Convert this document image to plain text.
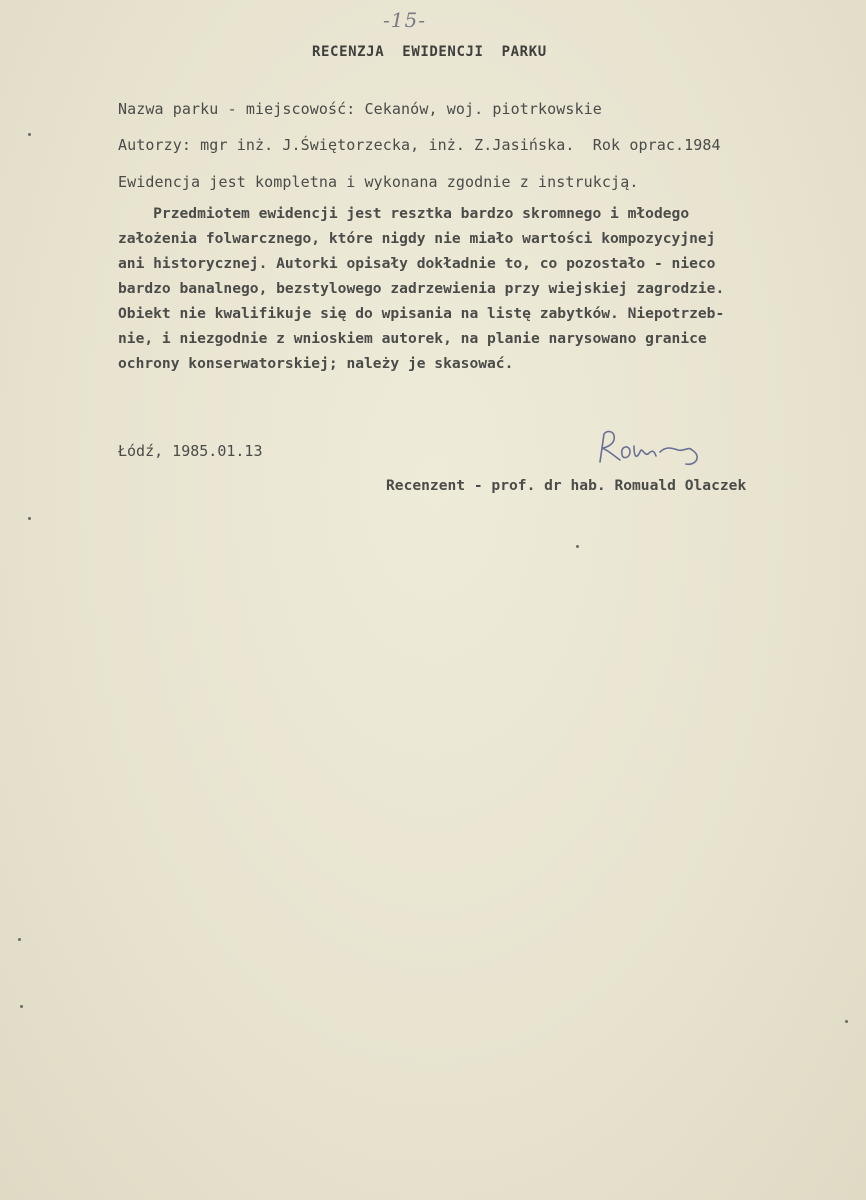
-15-
RECENZJA  EWIDENCJI  PARKU
Nazwa parku - miejscowość: Cekanów, woj. piotrkowskie
Autorzy: mgr inż. J.Świętorzecka, inż. Z.Jasińska.  Rok oprac.1984
Ewidencja jest kompletna i wykonana zgodnie z instrukcją.
Przedmiotem ewidencji jest resztka bardzo skromnego i młodego
założenia folwarcznego, które nigdy nie miało wartości kompozycyjnej
ani historycznej. Autorki opisały dokładnie to, co pozostało - nieco
bardzo banalnego, bezstylowego zadrzewienia przy wiejskiej zagrodzie.
Obiekt nie kwalifikuje się do wpisania na listę zabytków. Niepotrzeb-
nie, i niezgodnie z wnioskiem autorek, na planie narysowano granice
ochrony konserwatorskiej; należy je skasować.
Łódź, 1985.01.13
Recenzent - prof. dr hab. Romuald Olaczek
